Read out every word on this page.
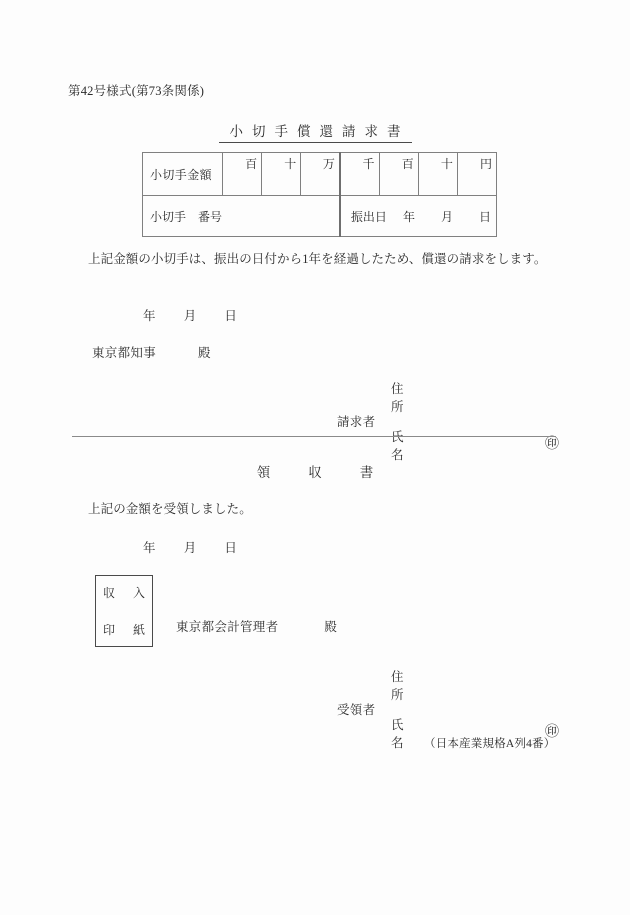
第42号様式(第73条関係)
小切手償還請求書
小切手金額	百	十	万	千	百	十	円
小切手　番号				振出日 年 月 日			
上記金額の小切手は、振出の日付から1年を経過したため、償還の請求をします。
年 月 日
東京都知事	殿
請求者
住　所
氏　名
㊞
領収書
上記の金額を受領しました。
年 月 日
収 入
印 紙 東京都会計管理者	殿
受領者
住　所
氏　名
㊞
（日本産業規格A列4番）
